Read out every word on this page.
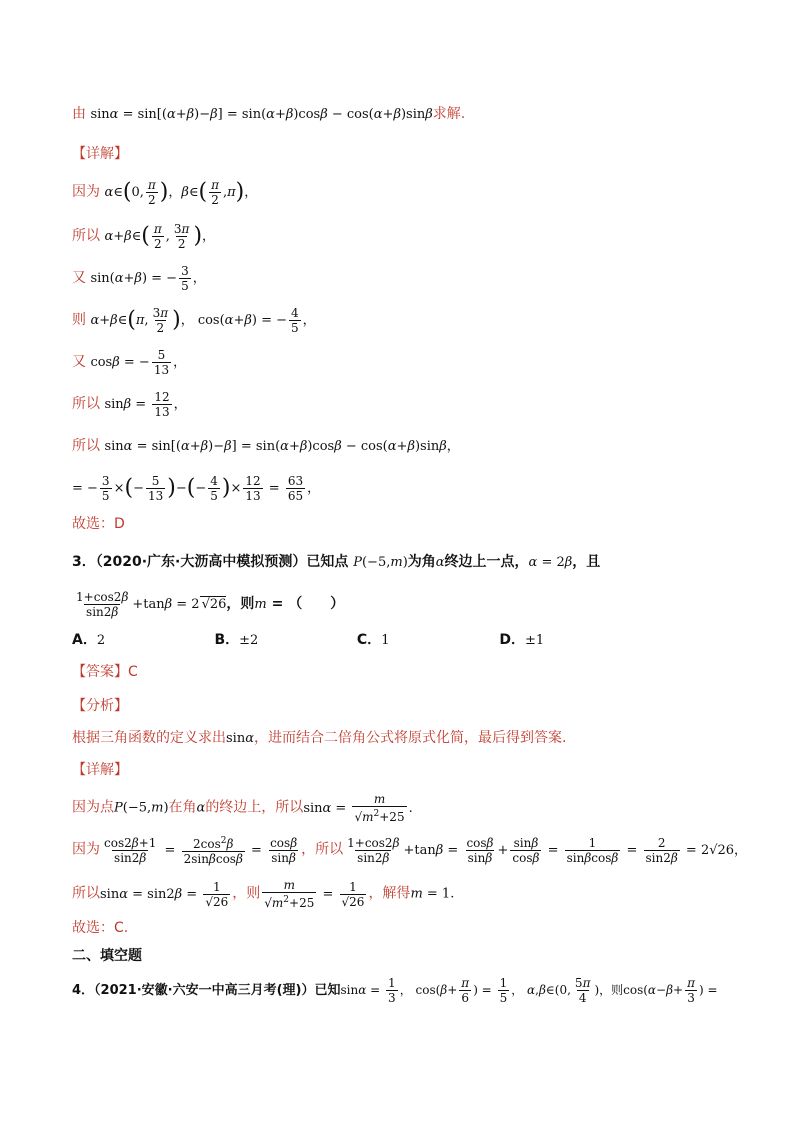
由 sinα = sin[(α+β)−β] = sin(α+β)cosβ − cos(α+β)sinβ求解.
【详解】
因为 α∈(0, $\frac{\pi}{2}$ )，β∈( $\frac{\pi}{2} ,\pi$)，
所以 α+β∈( $\frac{\pi}{2}$ , $\frac{3\pi}{2}$ )，
又 sin(α+β) = − $\frac{3}{5}$ ，
则 α+β∈(π, $\frac{3\pi}{2}$ )， cos(α+β) = − $\frac{4}{5}$ ，
又 cosβ = − $\frac{5}{13}$ ，
所以 $\sin\beta = \frac{12}{13}$ ，
所以 sinα = sin[(α+β)−β] = sin(α+β)cosβ − cos(α+β)sinβ，
= − $\frac{3}{5}$ ×(− $\frac{5}{13}$ )−(− $\frac{4}{5}$ )× $\frac{12}{13} = \frac{63}{65}$ ，
故选：D
3．（2020·广东·大沥高中模拟预测）已知点 P(−5,m)为角α终边上一点，α = 2β，且
$\frac{1+\cos 2\beta}{\sin 2\beta} +\tan\beta = 2$ √26，则m = （　　）
A．2	B．±2	C．1	D．±1
【答案】C
【分析】
根据三角函数的定义求出sinα，进而结合二倍角公式将原式化简，最后得到答案.
【详解】
因为点P(−5,m)在角α的终边上，所以$\sin\alpha = \frac{m}{√m^2+25}$ .
因为 $\frac{\cos 2\beta+1}{\sin 2\beta} = \frac{2\cos^2\beta}{2\sin\beta\cos\beta} = \frac{\cos\beta}{\sin\beta}$ ，所以 $\frac{1+\cos 2\beta}{\sin 2\beta} +\tan\beta = \frac{\cos\beta}{\sin\beta} + \frac{\sin\beta}{\cos\beta} = \frac{1}{\sin\beta\cos\beta} = \frac{2}{\sin 2\beta} = 2√26$，
所以$\sin\alpha = \sin 2\beta = \frac{1}{√26}$ ，则 $\frac{m}{√m^2+25} = \frac{1}{√26}$ ，解得m = 1.
故选：C.
二、填空题
4．（2021·安徽·六安一中高三月考(理)）已知$\sin\alpha = \frac{1}{3}$ ， $\cos(\beta+ \frac{\pi}{6}$ ) = $\frac{1}{5}$ ， α,β∈(0, $\frac{5\pi}{4}$ )，则$\cos(\alpha-\beta+ \frac{\pi}{3}$ ) =
